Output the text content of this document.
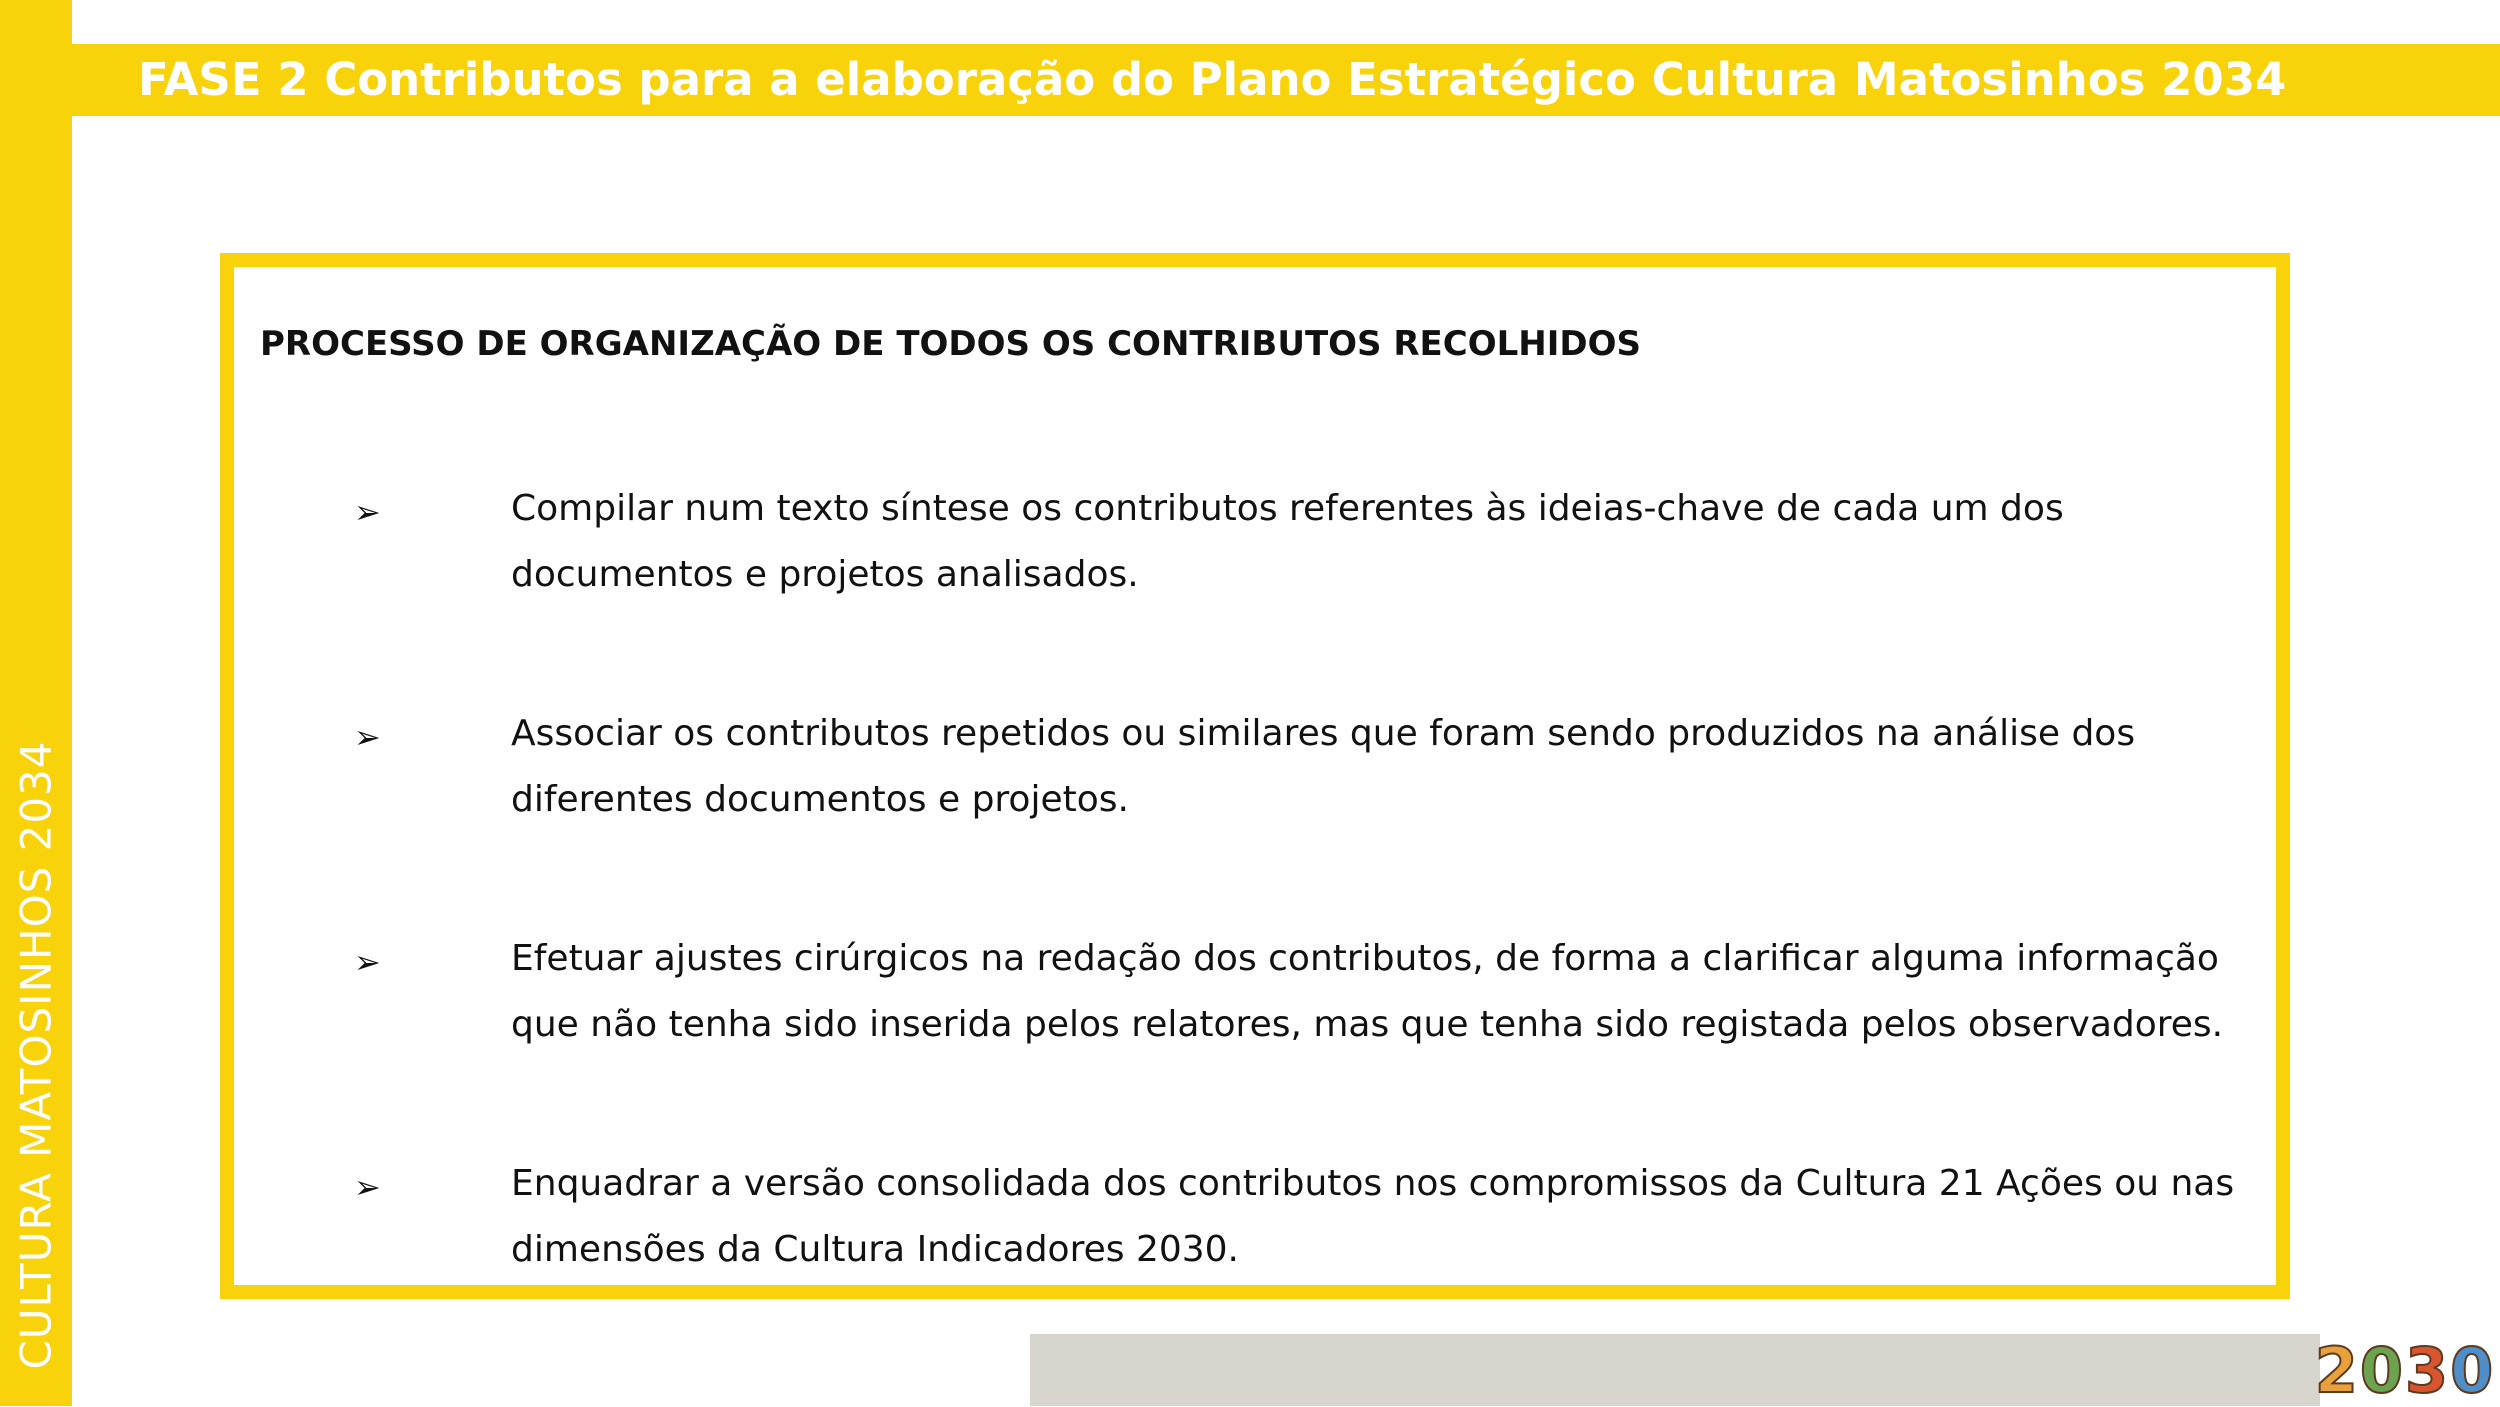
CULTURA MATOSINHOS 2034
FASE 2 Contributos para a elaboração do Plano Estratégico Cultura Matosinhos 2034
PROCESSO DE ORGANIZAÇÃO DE TODOS OS CONTRIBUTOS RECOLHIDOS
➢	Compilar num texto síntese os contributos referentes às ideias-chave de cada um dos documentos e projetos analisados.
➢	Associar os contributos repetidos ou similares que foram sendo produzidos na análise dos diferentes documentos e projetos.
➢	Efetuar ajustes cirúrgicos na redação dos contributos, de forma a clarificar alguma informação que não tenha sido inserida pelos relatores, mas que tenha sido registada pelos observadores.
➢	Enquadrar a versão consolidada dos contributos nos compromissos da Cultura 21 Ações ou nas dimensões da Cultura Indicadores 2030.
2 0 3 0
